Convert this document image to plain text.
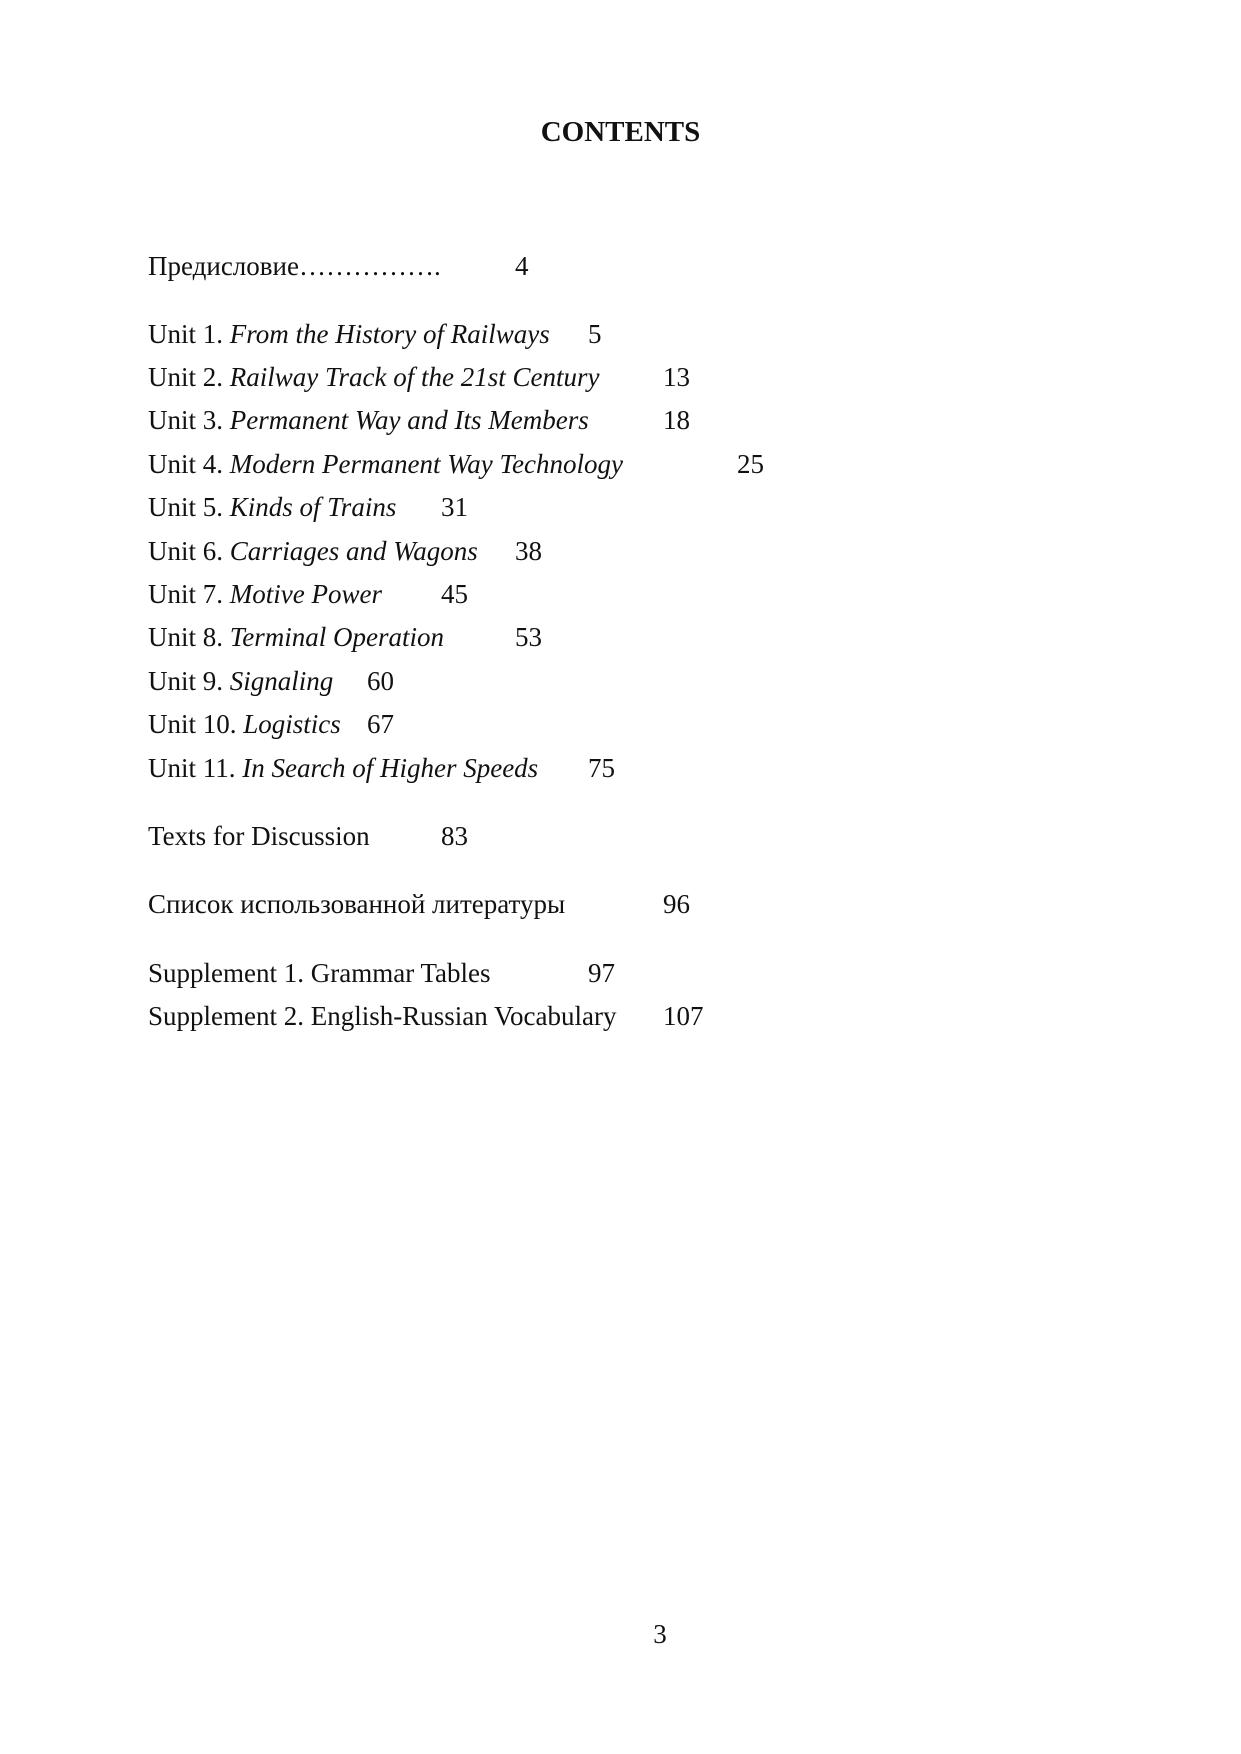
CONTENTS
Предисловие…………….	4
Unit 1. From the History of Railways 5
Unit 2. Railway Track of the 21st Century 13
Unit 3. Permanent Way and Its Members	18
Unit 4. Modern Permanent Way Technology	25
Unit 5. Kinds of Trains 31
Unit 6. Carriages and Wagons 38
Unit 7. Motive Power 45
Unit 8. Terminal Operation	53
Unit 9. Signaling 60
Unit 10. Logistics 67
Unit 11. In Search of Higher Speeds 75
Texts for Discussion	83
Список использованной литературы	96
Supplement 1. Grammar Tables	97
Supplement 2. English-Russian Vocabulary 107
3
